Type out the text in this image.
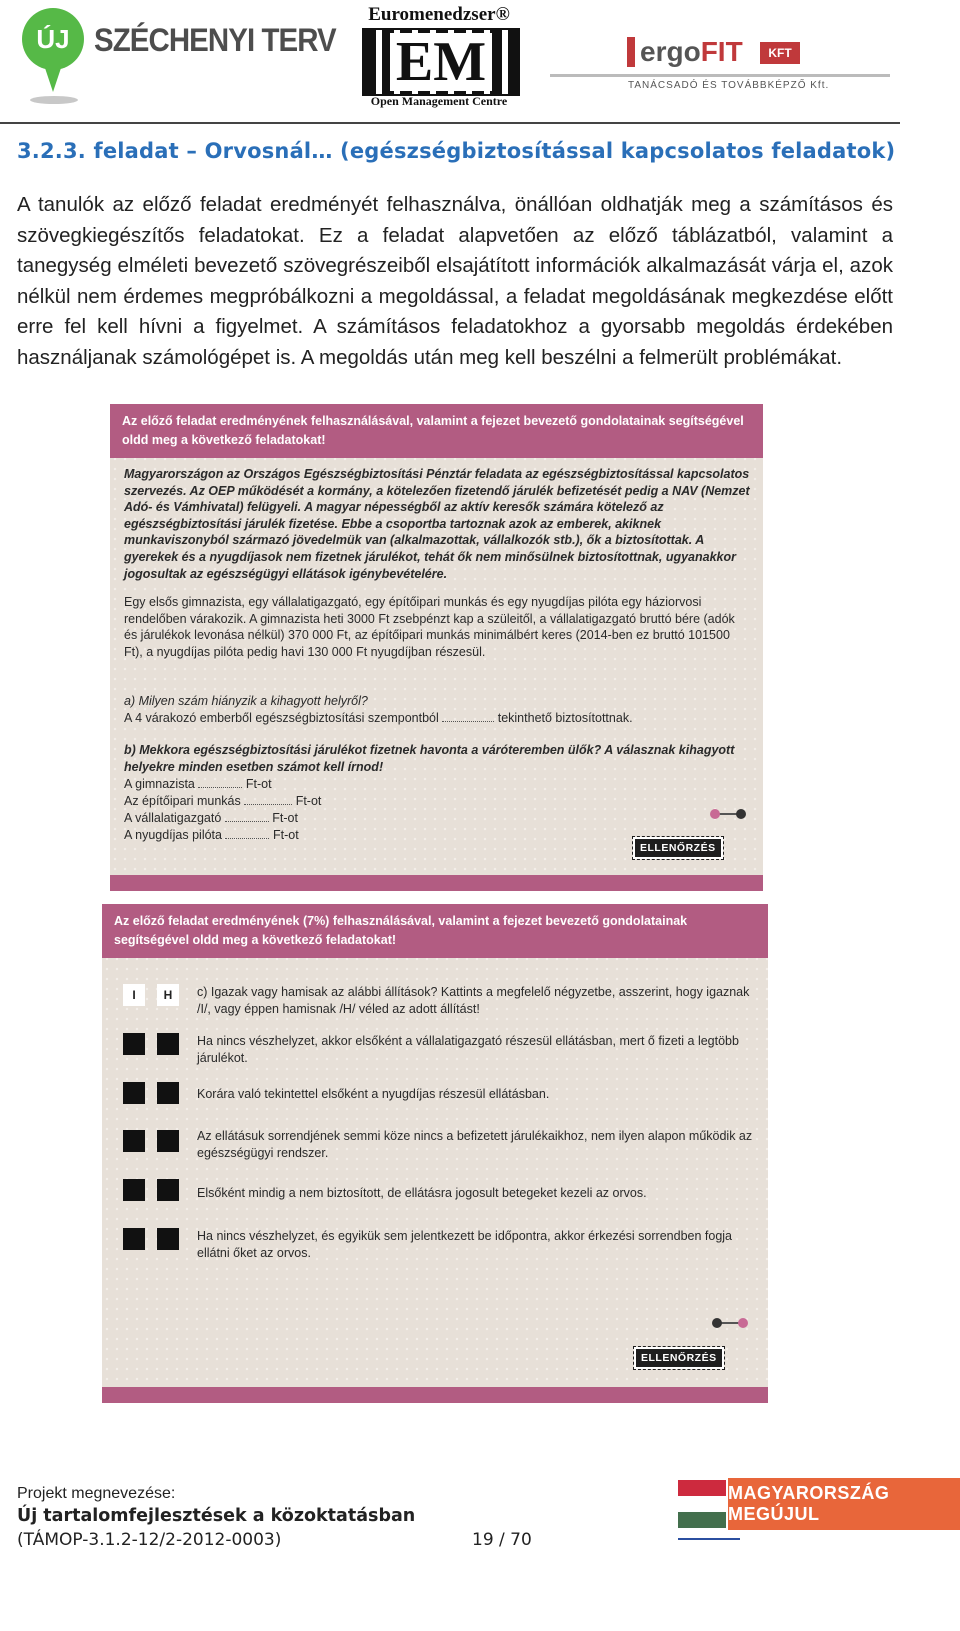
ÚJ SZÉCHENYI TERV
Euromenedzser®
EM
Open Management Centre
ergoFIT	KFT
TANÁCSADÓ ÉS TOVÁBBKÉPZŐ Kft.
3.2.3. feladat – Orvosnál… (egészségbiztosítással kapcsolatos feladatok)
A tanulók az előző feladat eredményét felhasználva, önállóan oldhatják meg a számításos és szövegkiegészítős feladatokat. Ez a feladat alapvetően az előző táblázatból, valamint a tanegység elméleti bevezető szövegrészeiből elsajátított információk alkalmazását várja el, azok nélkül nem érdemes megpróbálkozni a megoldással, a feladat megoldásának megkezdése előtt erre fel kell hívni a figyelmet. A számításos feladatokhoz a gyorsabb megoldás érdekében használjanak számológépet is. A megoldás után meg kell beszélni a felmerült problémákat.
Az előző feladat eredményének felhasználásával, valamint a fejezet bevezető gondolatainak segítségével oldd meg a következő feladatokat!
Magyarországon az Országos Egészségbiztosítási Pénztár feladata az egészségbiztosítással kapcsolatos szervezés. Az OEP működését a kormány, a kötelezően fizetendő járulék befizetését pedig a NAV (Nemzet Adó- és Vámhivatal) felügyeli. A magyar népességből az aktív keresők számára kötelező az egészségbiztosítási járulék fizetése. Ebbe a csoportba tartoznak azok az emberek, akiknek munkaviszonyból származó jövedelmük van (alkalmazottak, vállalkozók stb.), ők a biztosítottak. A gyerekek és a nyugdíjasok nem fizetnek járulékot, tehát ők nem minősülnek biztosítottnak, ugyanakkor jogosultak az egészségügyi ellátások igénybevételére.
Egy elsős gimnazista, egy vállalatigazgató, egy építőipari munkás és egy nyugdíjas pilóta egy háziorvosi rendelőben várakozik. A gimnazista heti 3000 Ft zsebpénzt kap a szüleitől, a vállalatigazgató bruttó bére (adók és járulékok levonása nélkül) 370 000 Ft, az építőipari munkás minimálbért keres (2014-ben ez bruttó 101500 Ft), a nyugdíjas pilóta pedig havi 130 000 Ft nyugdíjban részesül.
a) Milyen szám hiányzik a kihagyott helyről?
A 4 várakozó emberből egészségbiztosítási szempontból	tekinthető biztosítottnak.
b) Mekkora egészségbiztosítási járulékot fizetnek havonta a váróteremben ülők? A válasznak kihagyott helyekre minden esetben számot kell írnod!
A gimnazista	Ft-ot
Az építőipari munkás	Ft-ot
A vállalatigazgató	Ft-ot
A nyugdíjas pilóta	Ft-ot
ELLENŐRZÉS
Az előző feladat eredményének (7%) felhasználásával, valamint a fejezet bevezető gondolatainak segítségével oldd meg a következő feladatokat!
I	H	c) Igazak vagy hamisak az alábbi állítások? Kattints a megfelelő négyzetbe, asszerint, hogy igaznak /I/, vagy éppen hamisnak /H/ véled az adott állítást!
Ha nincs vészhelyzet, akkor elsőként a vállalatigazgató részesül ellátásban, mert ő fizeti a legtöbb járulékot.
Korára való tekintettel elsőként a nyugdíjas részesül ellátásban.
Az ellátásuk sorrendjének semmi köze nincs a befizetett járulékaikhoz, nem ilyen alapon működik az egészségügyi rendszer.
Elsőként mindig a nem biztosított, de ellátásra jogosult betegeket kezeli az orvos.
Ha nincs vészhelyzet, és egyikük sem jelentkezett be időpontra, akkor érkezési sorrendben fogja ellátni őket az orvos.
ELLENŐRZÉS
Projekt megnevezése:
Új tartalomfejlesztések a közoktatásban
(TÁMOP-3.1.2-12/2-2012-0003)	19 / 70
MAGYARORSZÁG MEGÚJUL
